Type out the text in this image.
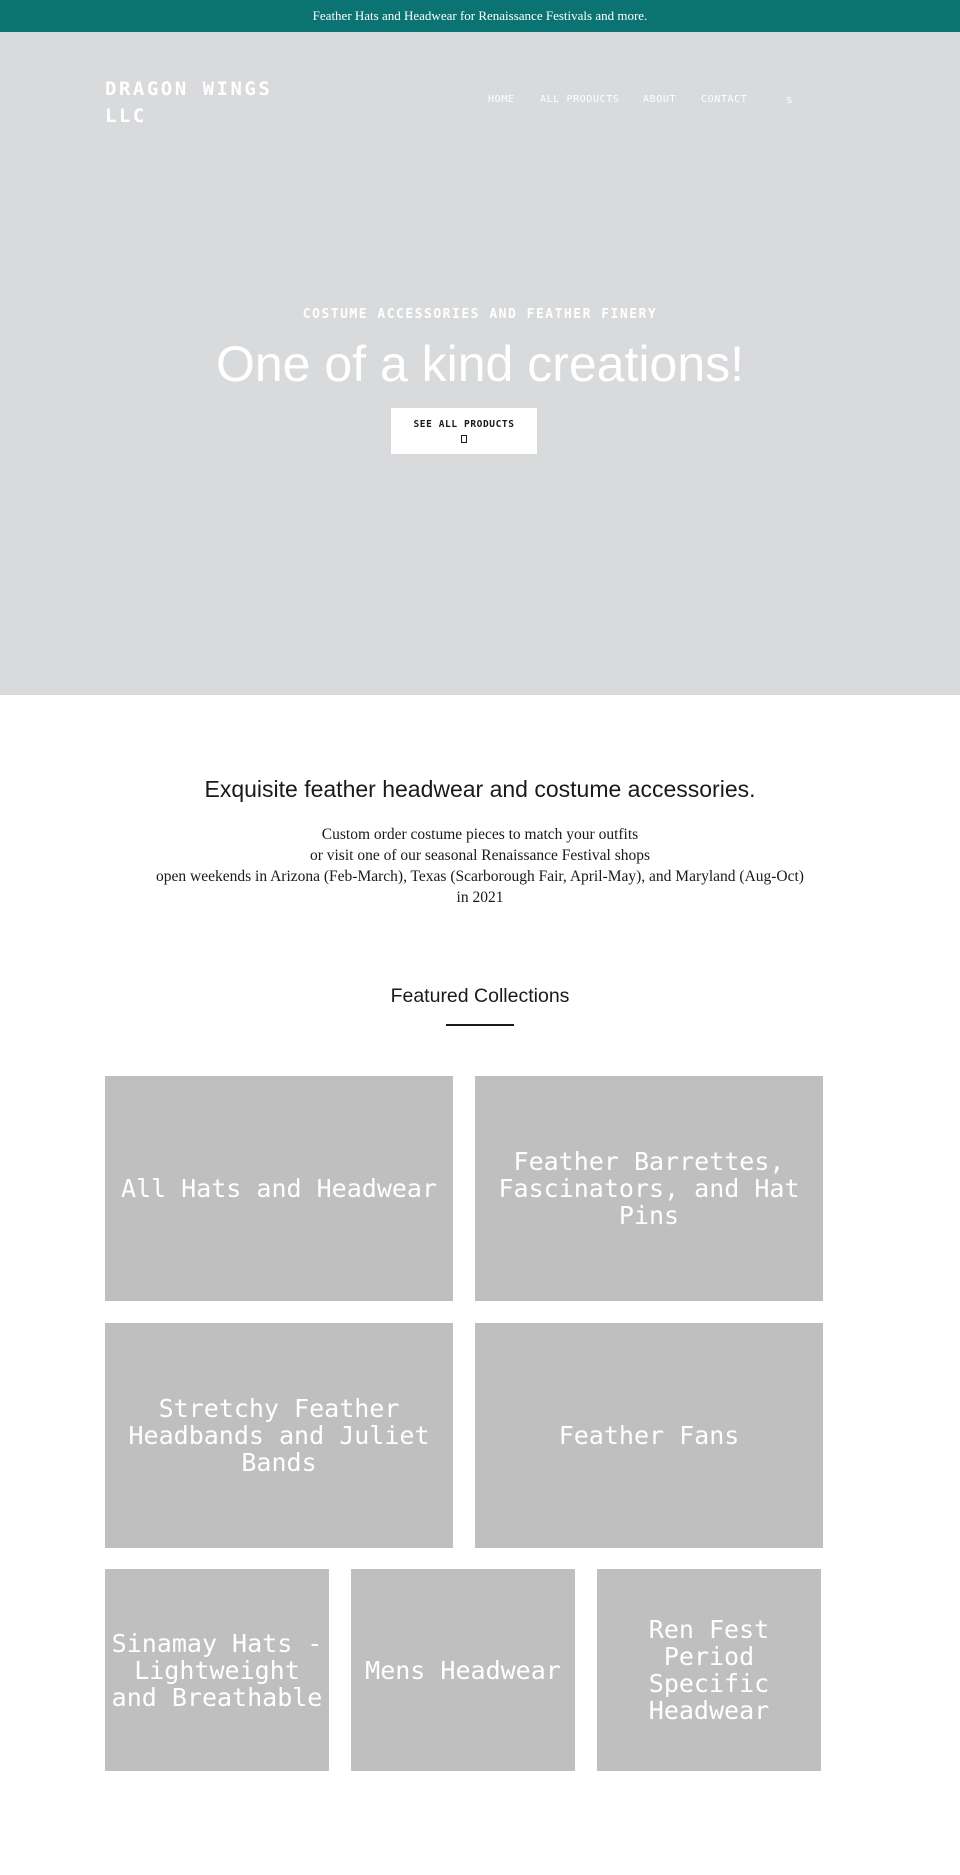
Feather Hats and Headwear for Renaissance Festivals and more.
DRAGON WINGS LLC
HOME	ALL PRODUCTS ABOUT CONTACT	s
COSTUME ACCESSORIES AND FEATHER FINERY
One of a kind creations!
SEE ALL PRODUCTS
Exquisite feather headwear and costume accessories.
Custom order costume pieces to match your outfits
or visit one of our seasonal Renaissance Festival shops
open weekends in Arizona (Feb-March), Texas (Scarborough Fair, April-May), and Maryland (Aug-Oct)
in 2021
Featured Collections
All Hats and Headwear
Feather Barrettes, Fascinators, and Hat Pins
Stretchy Feather Headbands and Juliet Bands
Feather Fans
Sinamay Hats - Lightweight and Breathable
Mens Headwear
Ren Fest Period Specific Headwear
